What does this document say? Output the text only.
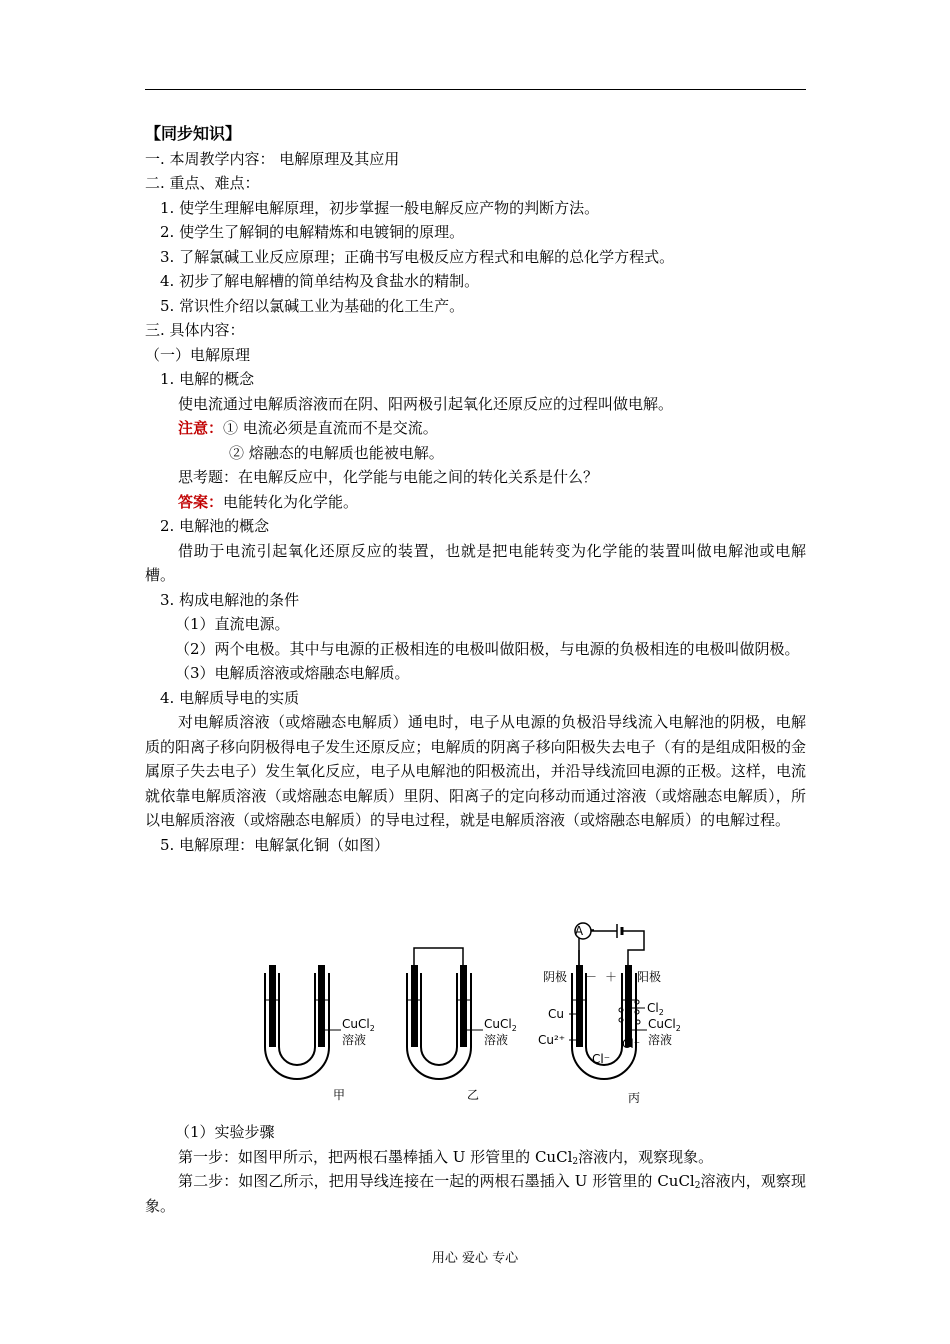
【同步知识】
一. 本周教学内容： 电解原理及其应用
二. 重点、难点：
1. 使学生理解电解原理，初步掌握一般电解反应产物的判断方法。
2. 使学生了解铜的电解精炼和电镀铜的原理。
3. 了解氯碱工业反应原理；正确书写电极反应方程式和电解的总化学方程式。
4. 初步了解电解槽的简单结构及食盐水的精制。
5. 常识性介绍以氯碱工业为基础的化工生产。
三. 具体内容：
（一）电解原理
1. 电解的概念
使电流通过电解质溶液而在阴、阳两极引起氧化还原反应的过程叫做电解。
注意：① 电流必须是直流而不是交流。
② 熔融态的电解质也能被电解。
思考题：在电解反应中，化学能与电能之间的转化关系是什么？
答案：电能转化为化学能。
2. 电解池的概念
借助于电流引起氧化还原反应的装置，也就是把电能转变为化学能的装置叫做电解池或电解槽。
3. 构成电解池的条件
（1）直流电源。
（2）两个电极。其中与电源的正极相连的电极叫做阳极，与电源的负极相连的电极叫做阴极。
（3）电解质溶液或熔融态电解质。
4. 电解质导电的实质
对电解质溶液（或熔融态电解质）通电时，电子从电源的负极沿导线流入电解池的阴极，电解质的阳离子移向阴极得电子发生还原反应；电解质的阴离子移向阳极失去电子（有的是组成阳极的金属原子失去电子）发生氧化反应，电子从电解池的阳极流出，并沿导线流回电源的正极。这样，电流就依靠电解质溶液（或熔融态电解质）里阴、阳离子的定向移动而通过溶液（或熔融态电解质），所以电解质溶液（或熔融态电解质）的导电过程，就是电解质溶液（或熔融态电解质）的电解过程。
5. 电解原理：电解氯化铜（如图）
CuCl$_2$
溶液
CuCl$_2$
溶液
CuCl$_2$
溶液
阴极	阳极
－ ＋
A
Cu
Cu²⁺
$Cl_2$
Cl⁻
Cl⁻
甲	乙	丙
（1）实验步骤
第一步：如图甲所示，把两根石墨棒插入 U 形管里的 CuCl$_2$溶液内，观察现象。
第二步：如图乙所示，把用导线连接在一起的两根石墨插入 U 形管里的 CuCl$_2$溶液内，观察现象。
用心 爱心 专心
